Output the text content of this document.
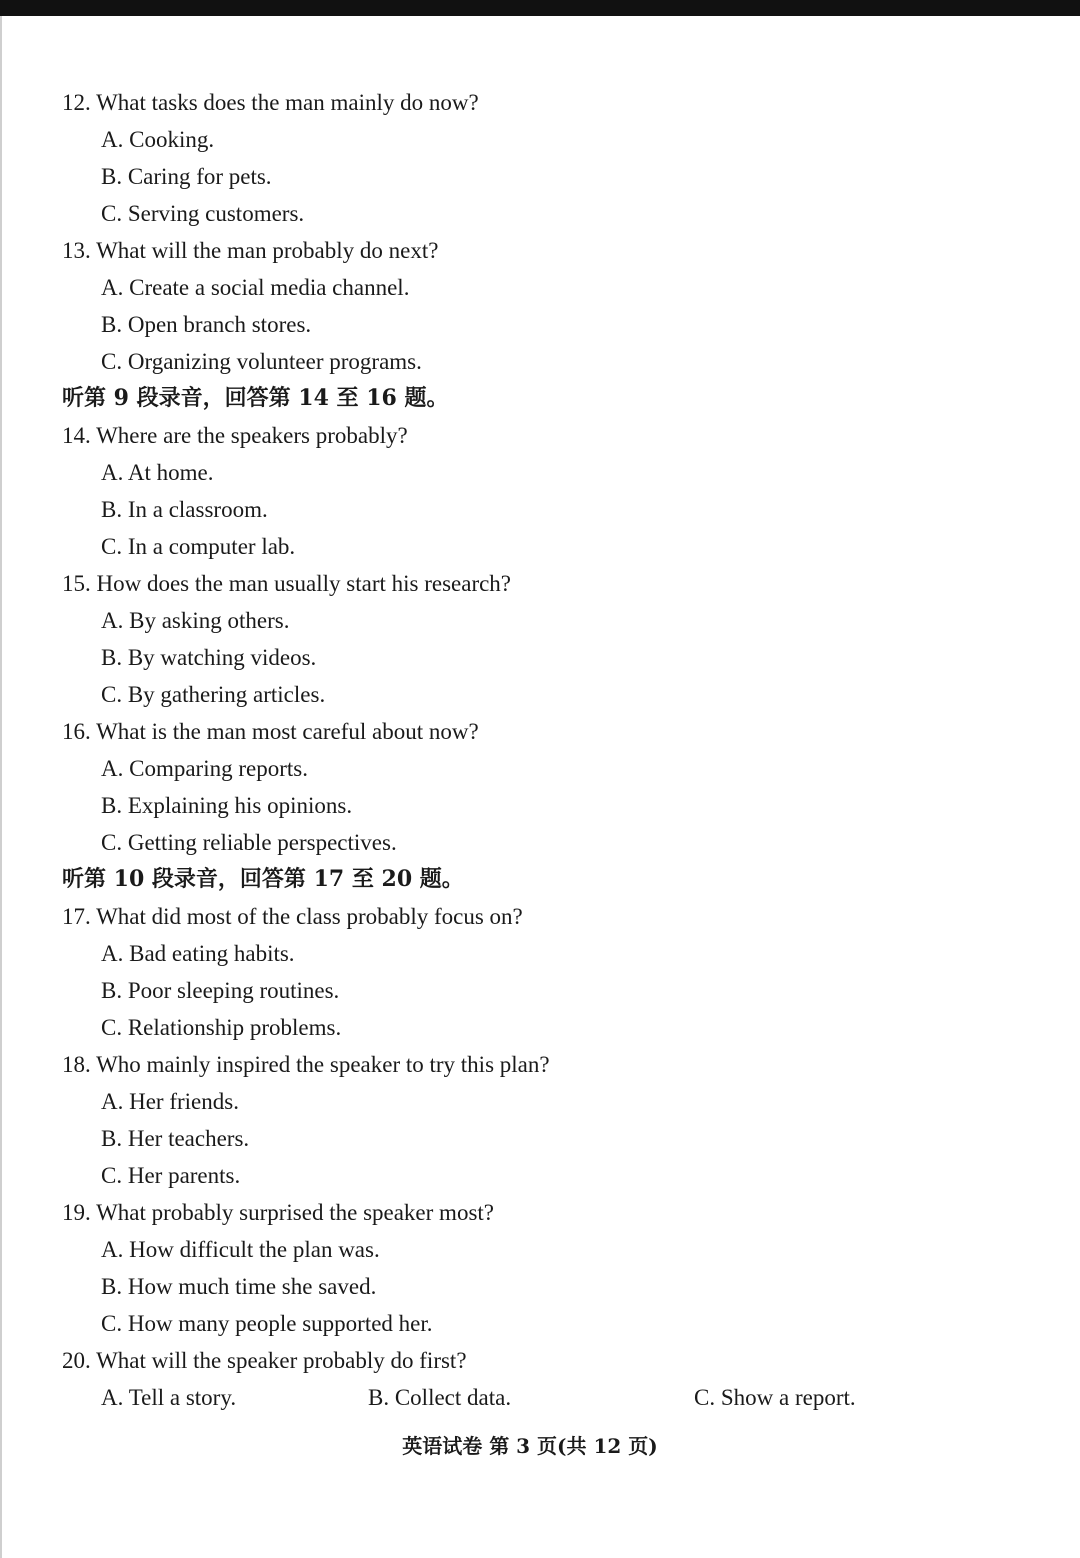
12. What tasks does the man mainly do now?
A. Cooking.
B. Caring for pets.
C. Serving customers.
13. What will the man probably do next?
A. Create a social media channel.
B. Open branch stores.
C. Organizing volunteer programs.
听第 9 段录音，回答第 14 至 16 题。
14. Where are the speakers probably?
A. At home.
B. In a classroom.
C. In a computer lab.
15. How does the man usually start his research?
A. By asking others.
B. By watching videos.
C. By gathering articles.
16. What is the man most careful about now?
A. Comparing reports.
B. Explaining his opinions.
C. Getting reliable perspectives.
听第 10 段录音，回答第 17 至 20 题。
17. What did most of the class probably focus on?
A. Bad eating habits.
B. Poor sleeping routines.
C. Relationship problems.
18. Who mainly inspired the speaker to try this plan?
A. Her friends.
B. Her teachers.
C. Her parents.
19. What probably surprised the speaker most?
A. How difficult the plan was.
B. How much time she saved.
C. How many people supported her.
20. What will the speaker probably do first?
A. Tell a story.	B. Collect data.	C. Show a report.
英语试卷 第 3 页(共 12 页)
